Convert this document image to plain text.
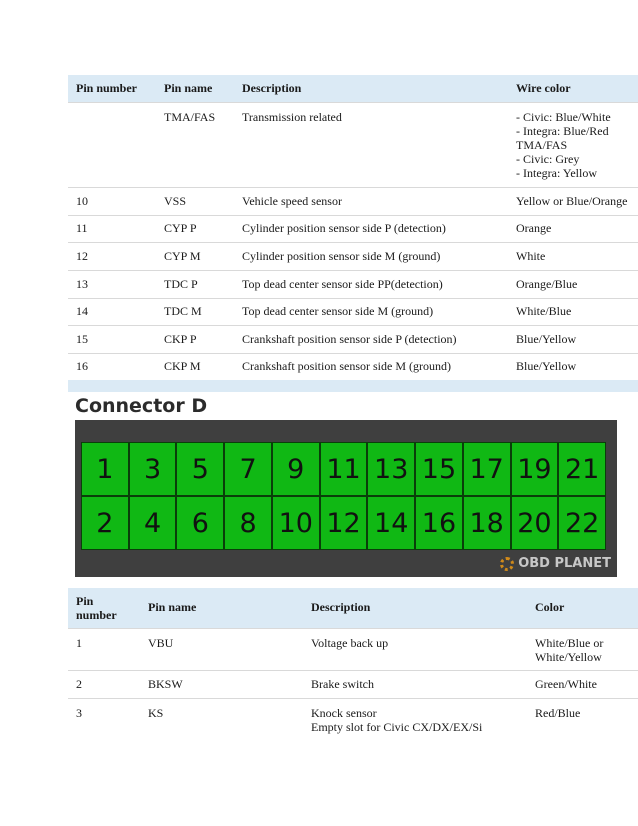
Pin number	Pin name	Description	Wire color
	TMA/FAS	Transmission related	- Civic: Blue/White
- Integra: Blue/Red
TMA/FAS
- Civic: Grey
- Integra: Yellow
10	VSS	Vehicle speed sensor	Yellow or Blue/Orange
11	CYP P	Cylinder position sensor side P (detection)	Orange
12	CYP M	Cylinder position sensor side M (ground)	White
13	TDC P	Top dead center sensor side PP(detection)	Orange/Blue
14	TDC M	Top dead center sensor side M (ground)	White/Blue
15	CKP P	Crankshaft position sensor side P (detection)	Blue/Yellow
16	CKP M	Crankshaft position sensor side M (ground)	Blue/Yellow
Connector D
1	3	5	7	9 11 13 15 17 19 21
2	4	6	8 10 12 14 16 18 20 22
OBD PLANET
Pin
number	Pin name	Description	Color
1	VBU	Voltage back up	White/Blue or
White/Yellow
2	BKSW	Brake switch	Green/White
3	KS	Knock sensor
Empty slot for Civic CX/DX/EX/Si	Red/Blue
